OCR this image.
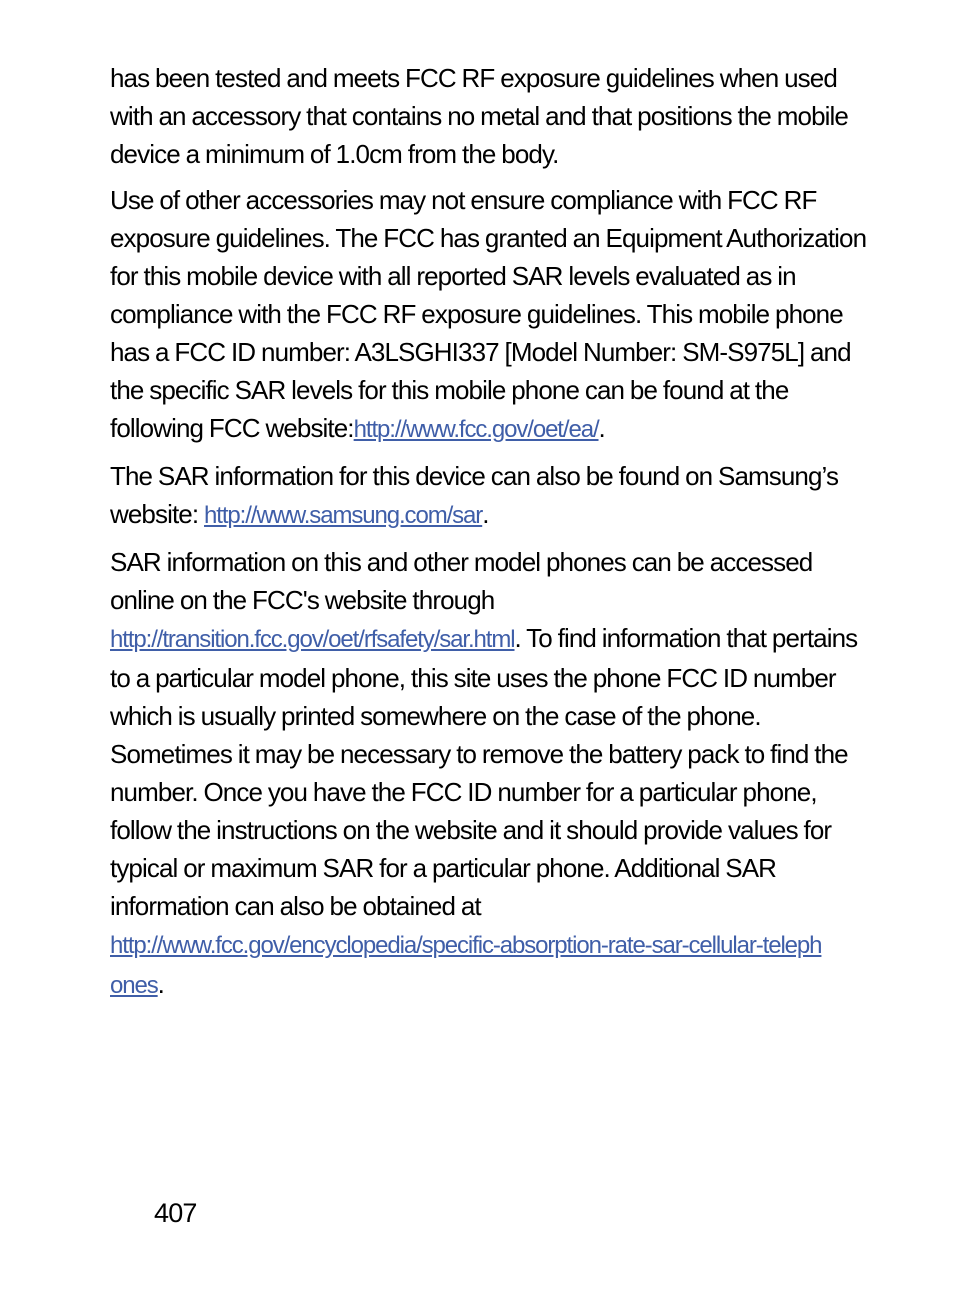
has been tested and meets FCC RF exposure guidelines when used with an accessory that contains no metal and that positions the mobile device a minimum of 1.0cm from the body.

Use of other accessories may not ensure compliance with FCC RF exposure guidelines. The FCC has granted an Equipment Authorization for this mobile device with all reported SAR levels evaluated as in compliance with the FCC RF exposure guidelines. This mobile phone has a FCC ID number: A3LSGHI337 [Model Number: SM-S975L] and the specific SAR levels for this mobile phone can be found at the following FCC website:http://www.fcc.gov/oet/ea/.

The SAR information for this device can also be found on Samsung’s website: http://www.samsung.com/sar.

SAR information on this and other model phones can be accessed online on the FCC's website through http://transition.fcc.gov/oet/rfsafety/sar.html. To find information that pertains to a particular model phone, this site uses the phone FCC ID number which is usually printed somewhere on the case of the phone. Sometimes it may be necessary to remove the battery pack to find the number. Once you have the FCC ID number for a particular phone, follow the instructions on the website and it should provide values for typical or maximum SAR for a particular phone. Additional SAR information can also be obtained at
http://www.fcc.gov/encyclopedia/specific-absorption-rate-sar-cellular-telephones.

407
